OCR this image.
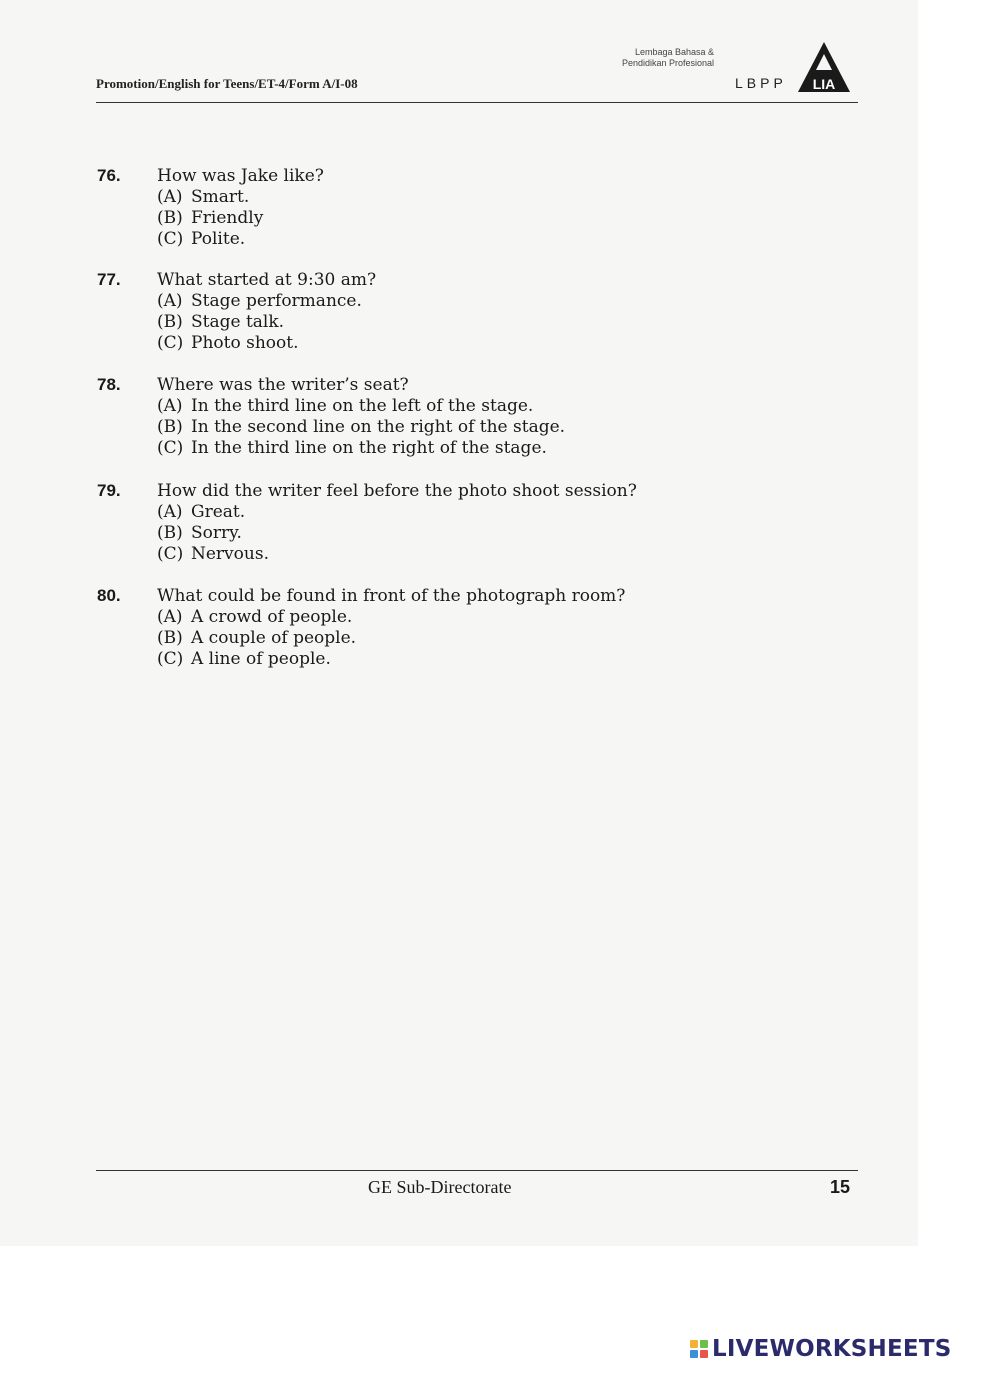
Promotion/English for Teens/ET-4/Form A/I-08
Lembaga Bahasa &
Pendidikan Profesional
LBPP LIA
76. How was Jake like?
(A) Smart.
(B) Friendly
(C) Polite.
77. What started at 9:30 am?
(A) Stage performance.
(B) Stage talk.
(C) Photo shoot.
78. Where was the writer’s seat?
(A) In the third line on the left of the stage.
(B) In the second line on the right of the stage.
(C) In the third line on the right of the stage.
79. How did the writer feel before the photo shoot session?
(A) Great.
(B) Sorry.
(C) Nervous.
80. What could be found in front of the photograph room?
(A) A crowd of people.
(B) A couple of people.
(C) A line of people.
GE Sub-Directorate	15
LIVEWORKSHEETS
